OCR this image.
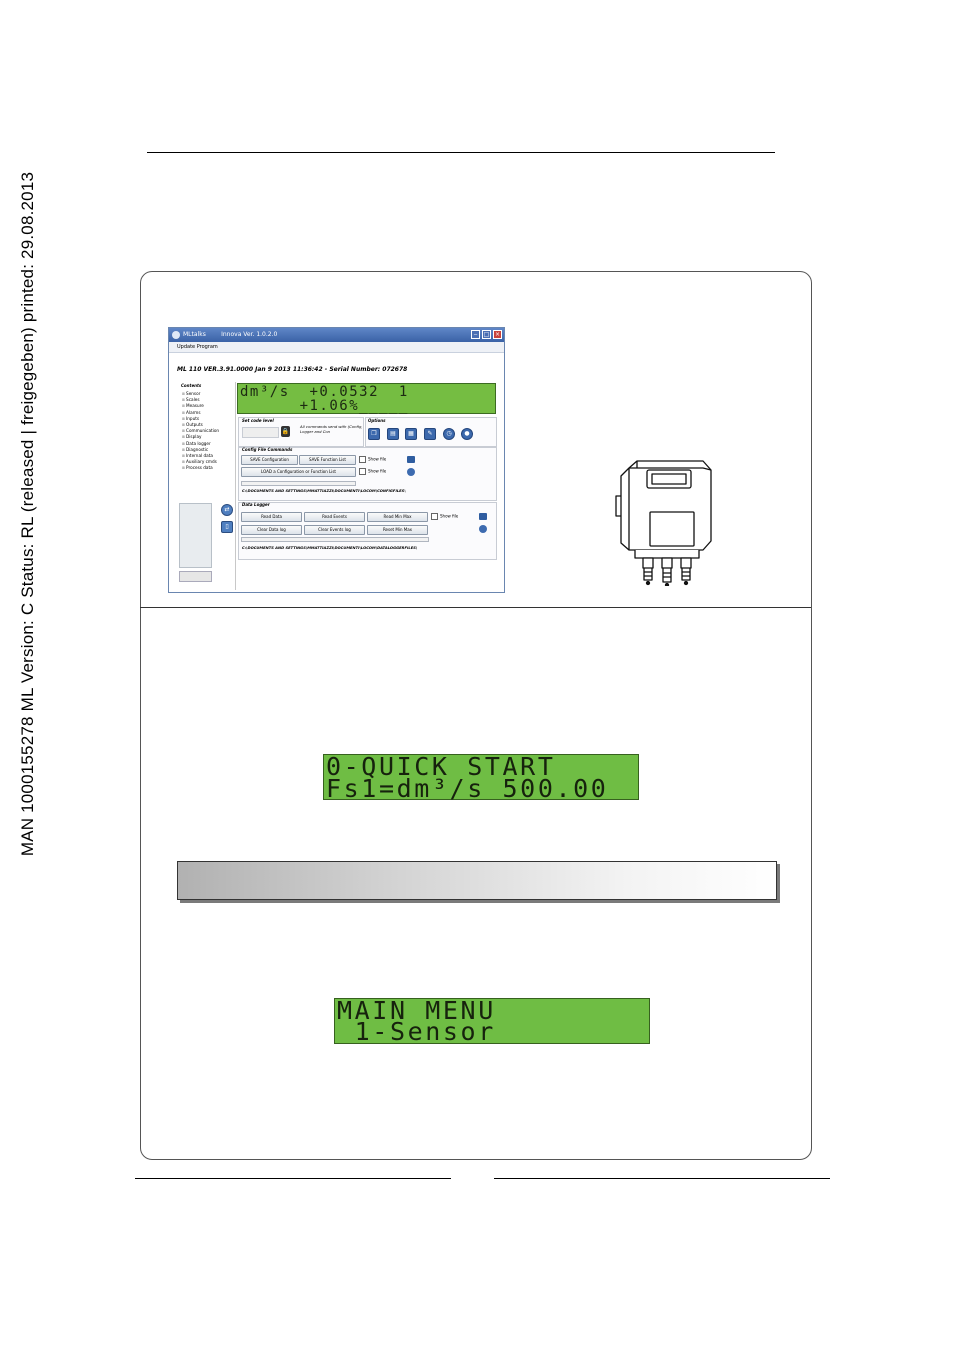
MAN 1000155278 ML Version: C Status: RL (released | freigegeben) printed: 29.08.2013	MLtalks	Innova Ver. 1.0.2.0	‒	□ ×
Update Program
ML 110 VER.3.91.0000 Jan 9 2013 11:36:42 - Serial Number: 072678
Contents
⊞ Sensor
⊞ Scales
⊞ Measure
⊞ Alarms
⊞ Inputs
⊞ Outputs
⊞ Communication
⊞ Display
⊞ Data logger
⊞ Diagnostic
⊞ Internal data
⊞ Auxiliary cmds
⊞ Process data
⇄
▯
dm³/s  +0.0532  1
+1.06%_____
Set code level
🔒
All commands send with (Config, Logger and Con
Options
❐	▤	▦	✎	◷	●
Config File Commands
SAVE Configuration	SAVE Function List	Show file
LOAD a Configuration or Function List	Show file
C:\DOCUMENTS AND SETTINGS\MMATTIAZZI\DOCUMENTI\LOCOM\CONFIGFILES\
Data Logger
Read Data	Read Events	Read Min Max	Show file
Clear Data log	Clear Events log	Reset Min Max
C:\DOCUMENTS AND SETTINGS\MMATTIAZZI\DOCUMENTI\LOCOM\DATALOGGERFILES\
0-QUICK START
Fs1=dm³/s 500.00
MAIN MENU
1-Sensor
